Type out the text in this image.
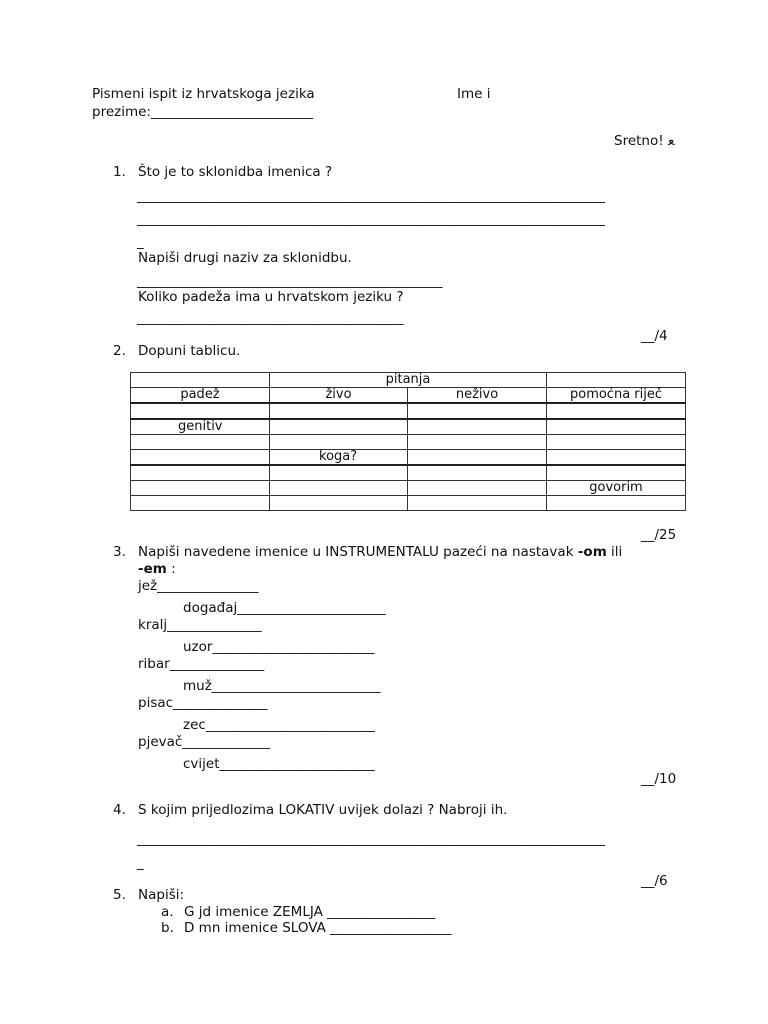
Pismeni ispit iz hrvatskoga jezika	Ime i
prezime:________________________
Sretno! ﻌ
1. Što je to sklonidba imenica ?
________________________________________________________________________
________________________________________________________________________
_
Napiši drugi naziv za sklonidbu.
_______________________________________________
Koliko padeža ima u hrvatskom jeziku ?
_________________________________________
__/4
2. Dopuni tablicu.
	pitanja		
padež	živo	neživo	pomoćna riječ

genitiv			

	koga?		

			govorim

__/25
3. Napiši navedene imenice u INSTRUMENTALU pazeći na nastavak -om ili
-em :
jež_______________
događaj______________________
kralj______________
uzor________________________
ribar______________
muž_________________________
pisac______________
zec_________________________
pjevač_____________
cvijet_______________________
__/10
4. S kojim prijedlozima LOKATIV uvijek dolazi ? Nabroji ih.
________________________________________________________________________
_
__/6
5. Napiši:
a. G jd imenice ZEMLJA ________________
b. D mn imenice SLOVA __________________
